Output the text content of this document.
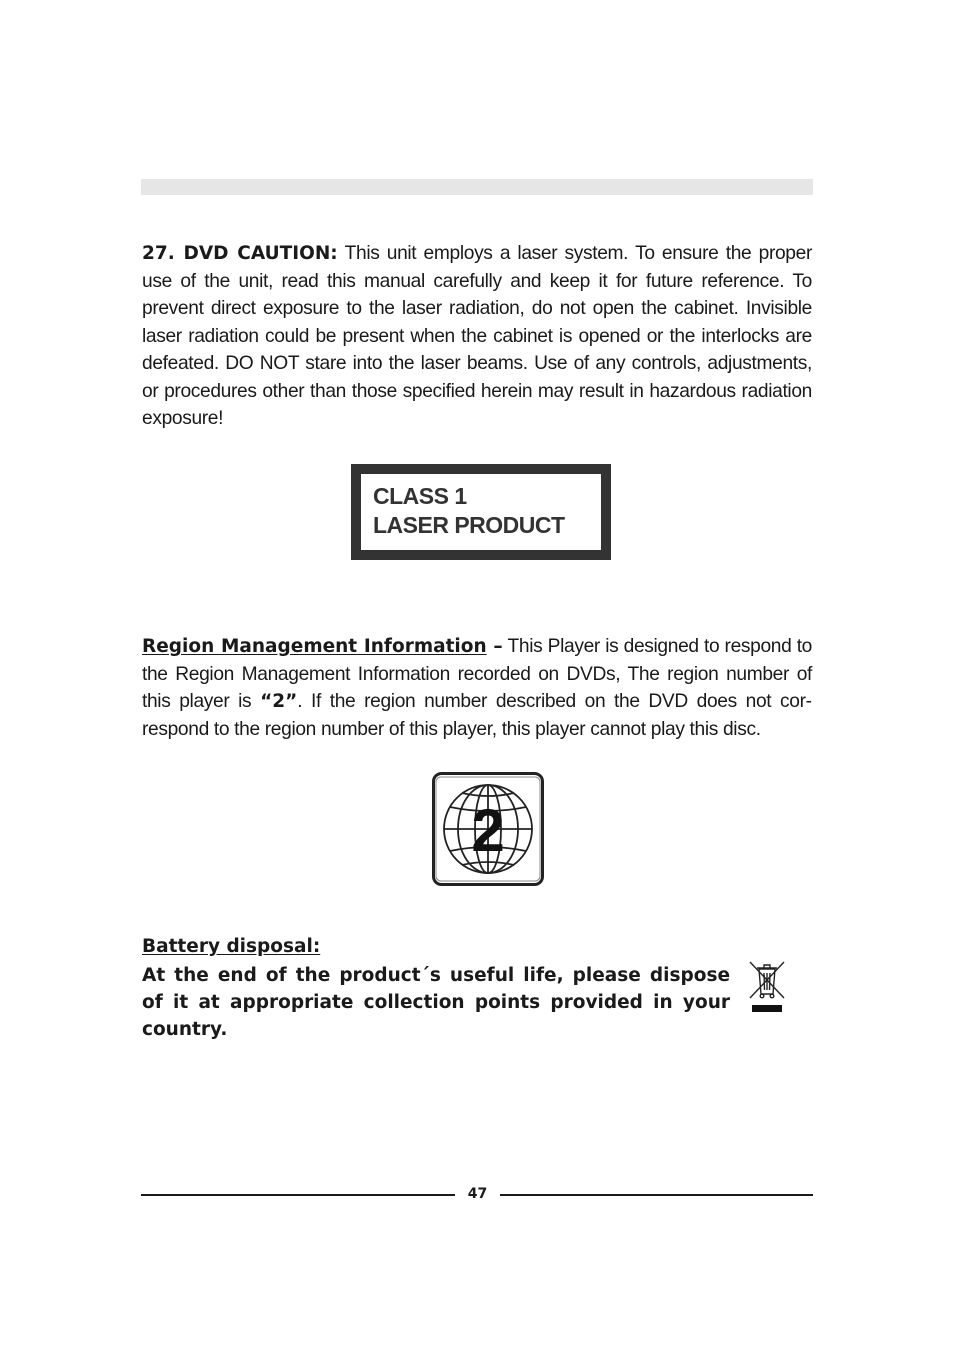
27. DVD CAUTION: This unit employs a laser system. To ensure the proper use of the unit, read this manual carefully and keep it for future reference. To prevent direct exposure to the laser radiation, do not open the cabinet. Invisible laser radiation could be present when the cabinet is opened or the interlocks are defeated. DO NOT stare into the laser beams. Use of any controls, adjustments, or procedures other than those specified herein may result in hazardous radiation exposure!
CLASS 1
LASER PRODUCT
Region Management Information – This Player is designed to respond to the Region Management Information recorded on DVDs, The region number of this player is “2”. If the region number described on the DVD does not correspond to the region number of this player, this player cannot play this disc.
2
Battery disposal:
At the end of the product´s useful life, please dispose of it at appropriate collection points provided in your country.
47
